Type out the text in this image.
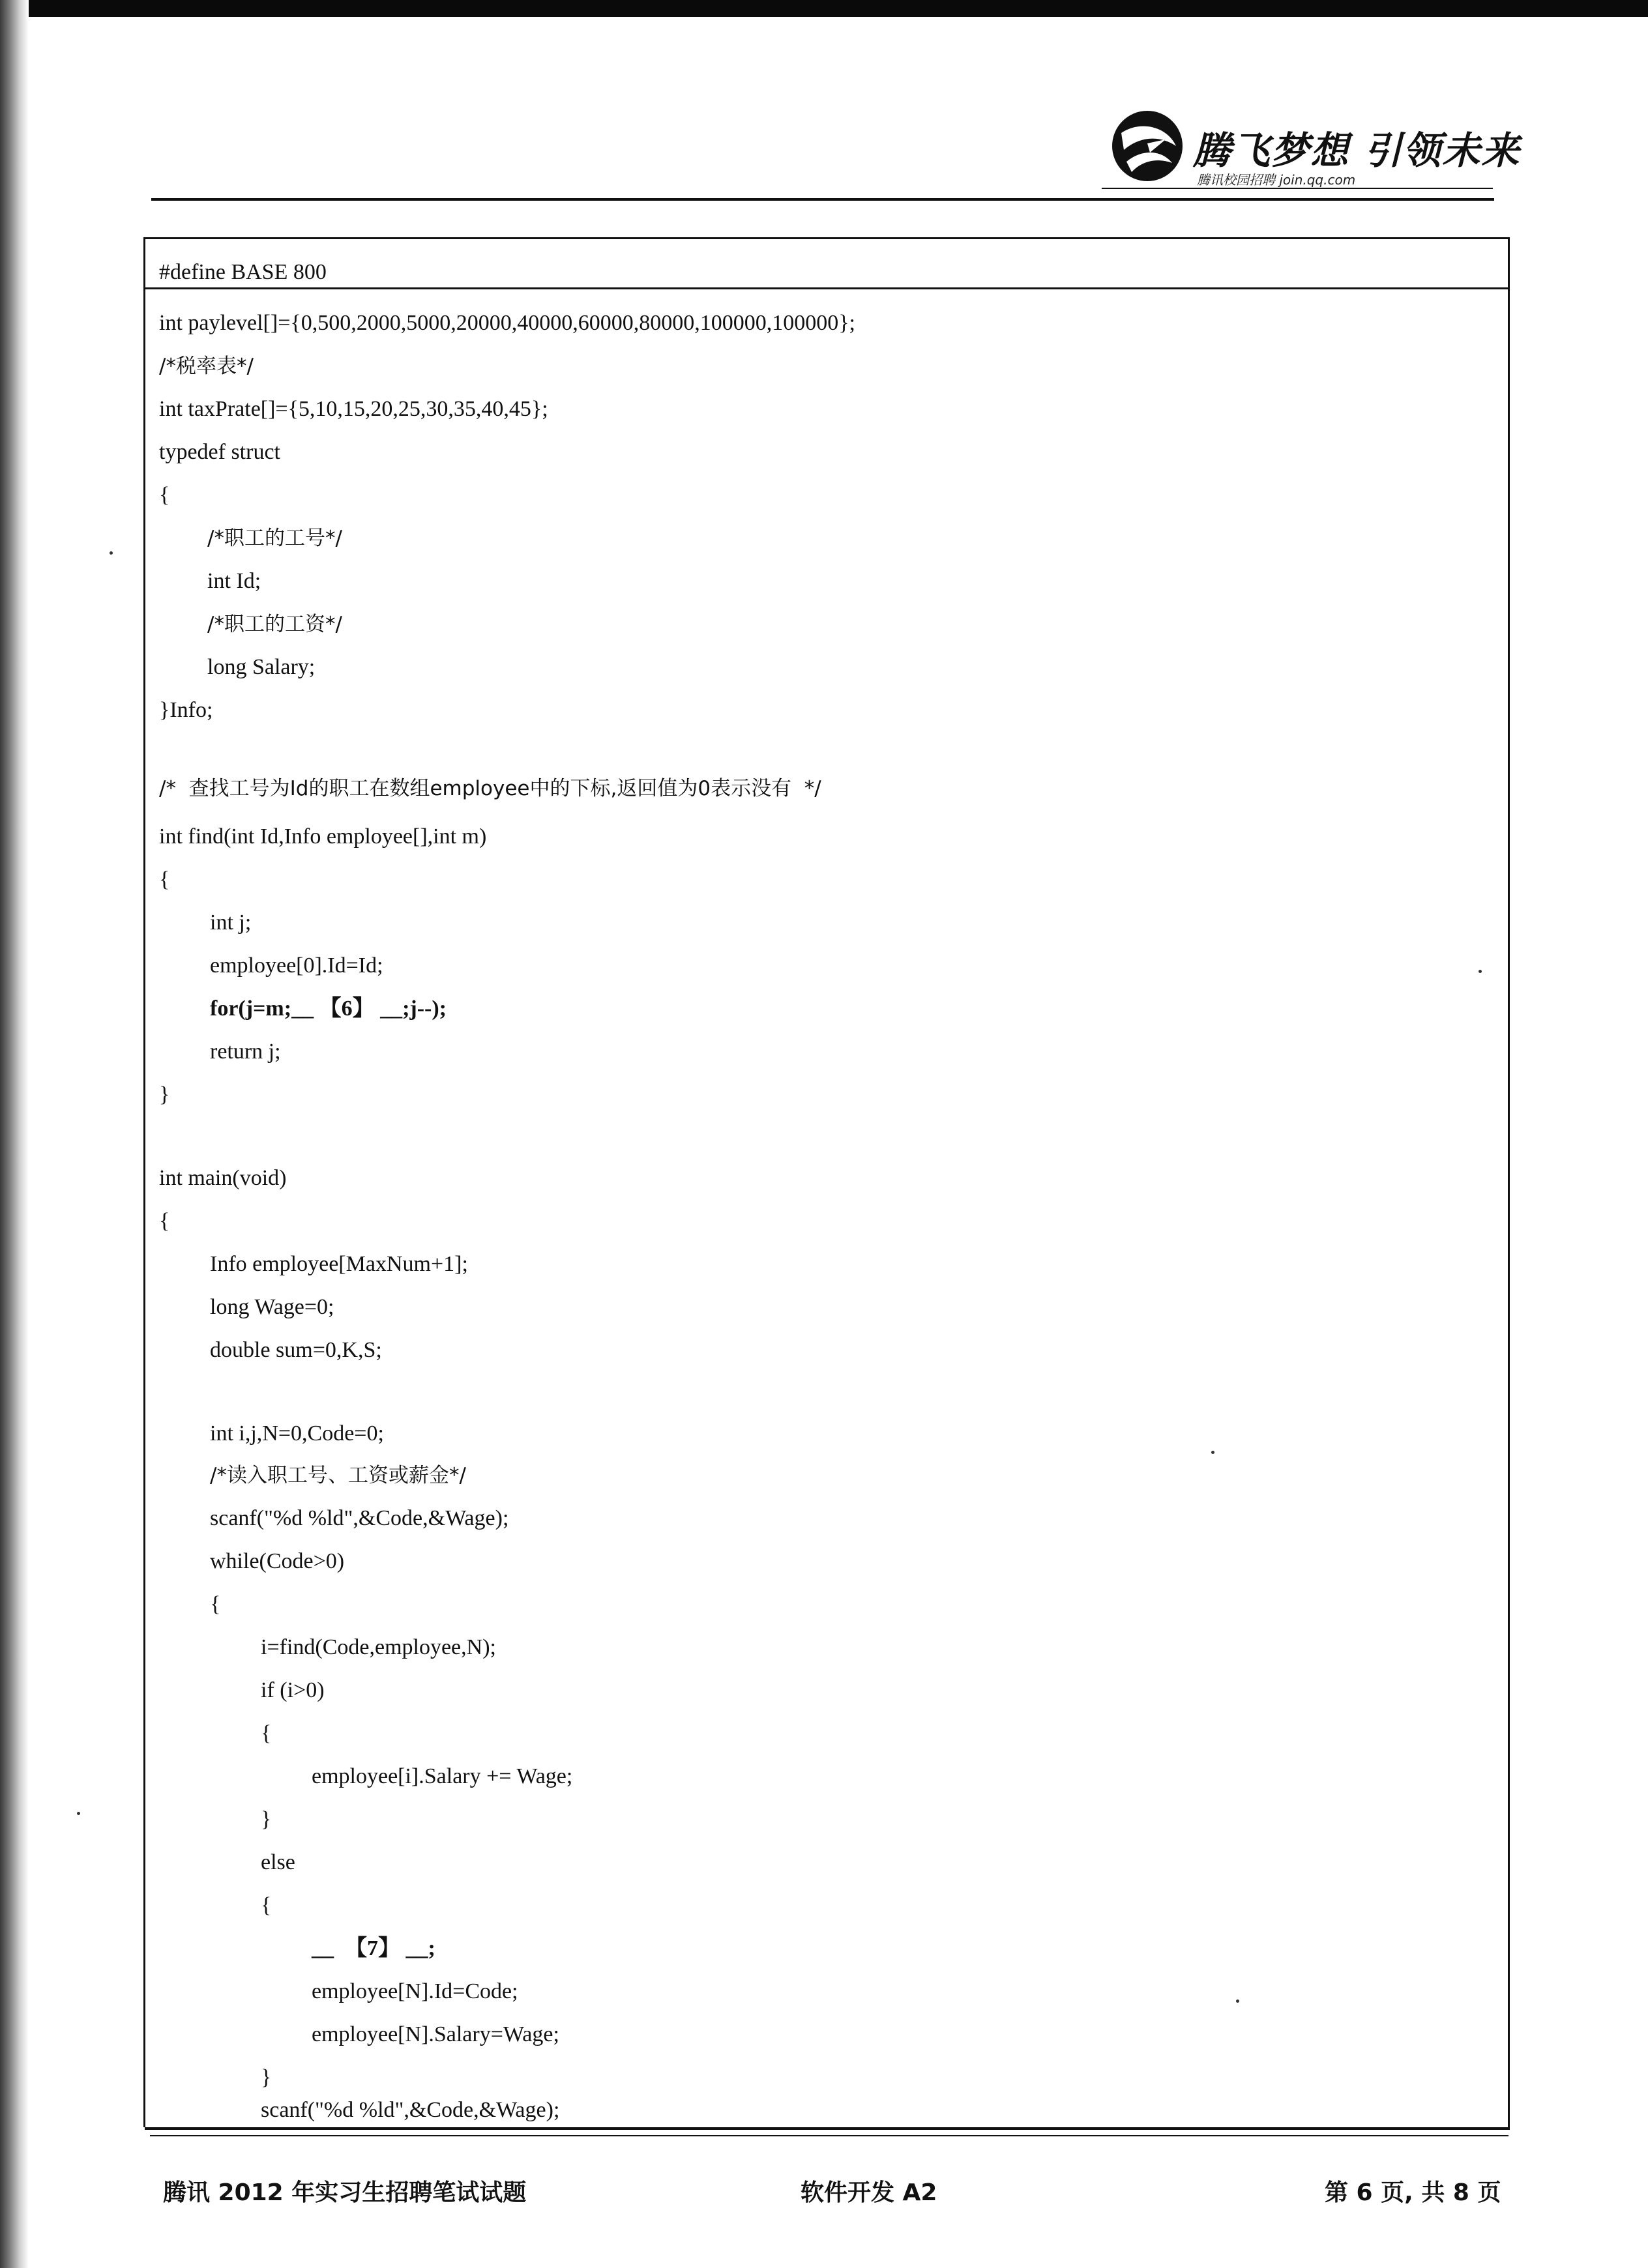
腾飞梦想 引领未来
腾讯校园招聘 join.qq.com
#define BASE 800
int paylevel[]={0,500,2000,5000,20000,40000,60000,80000,100000,100000};
/*税率表*/
int taxPrate[]={5,10,15,20,25,30,35,40,45};
typedef struct
{
/*职工的工号*/
int Id;
/*职工的工资*/
long Salary;
}Info;
/*  查找工号为Id的职工在数组employee中的下标,返回值为0表示没有  */
int find(int Id,Info employee[],int m)
{
int j;
employee[0].Id=Id;
for(j=m;__ 【6】 __;j--);
return j;
}
int main(void)
{
Info employee[MaxNum+1];
long Wage=0;
double sum=0,K,S;
int i,j,N=0,Code=0;
/*读入职工号、工资或薪金*/
scanf("%d %ld",&Code,&Wage);
while(Code>0)
{
i=find(Code,employee,N);
if (i>0)
{
employee[i].Salary += Wage;
}
else
{
__  【7】 __;
employee[N].Id=Code;
employee[N].Salary=Wage;
}
scanf("%d %ld",&Code,&Wage);
腾讯 2012 年实习生招聘笔试试题	软件开发 A2	第 6 页, 共 8 页
